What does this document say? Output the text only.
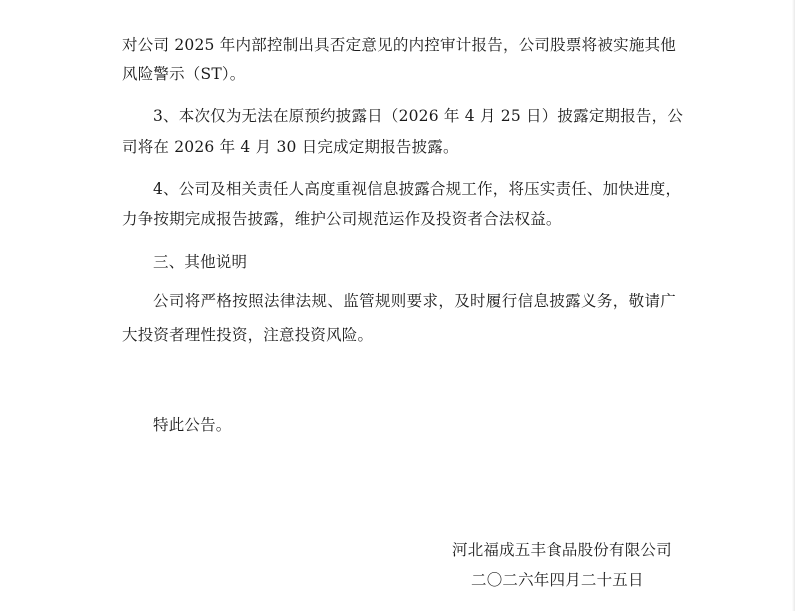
对公司 2025 年内部控制出具否定意见的内控审计报告，公司股票将被实施其他
风险警示（ST）。
3、本次仅为无法在原预约披露日（2026 年 4 月 25 日）披露定期报告，公
司将在 2026 年 4 月 30 日完成定期报告披露。
4、公司及相关责任人高度重视信息披露合规工作，将压实责任、加快进度，
力争按期完成报告披露，维护公司规范运作及投资者合法权益。
三、其他说明
公司将严格按照法律法规、监管规则要求，及时履行信息披露义务，敬请广
大投资者理性投资，注意投资风险。
特此公告。
河北福成五丰食品股份有限公司
二〇二六年四月二十五日
